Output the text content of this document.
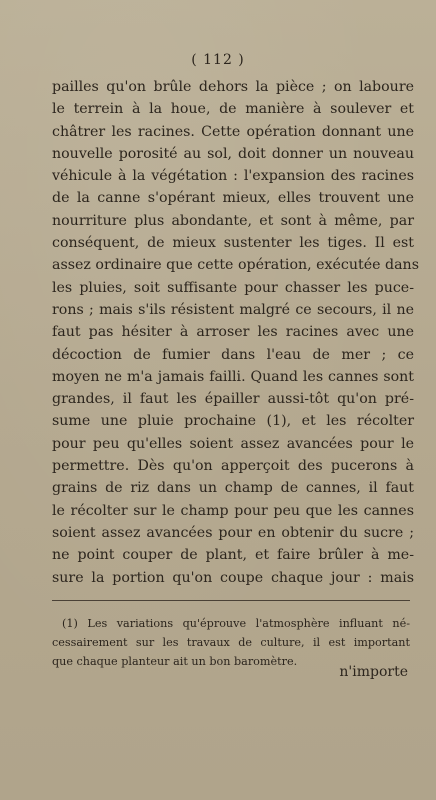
( 112 )
pailles qu'on brûle dehors la pièce ; on laboure
le terrein à la houe, de manière à soulever et
châtrer les racines. Cette opération donnant une
nouvelle porosité au sol, doit donner un nouveau
véhicule à la végétation : l'expansion des racines
de la canne s'opérant mieux, elles trouvent une
nourriture plus abondante, et sont à même, par
conséquent, de mieux sustenter les tiges. Il est
assez ordinaire que cette opération, exécutée dans
les pluies, soit suffisante pour chasser les puce-
rons ; mais s'ils résistent malgré ce secours, il ne
faut pas hésiter à arroser les racines avec une
décoction de fumier dans l'eau de mer ; ce
moyen ne m'a jamais failli. Quand les cannes sont
grandes, il faut les épailler aussi-tôt qu'on pré-
sume une pluie prochaine (1), et les récolter
pour peu qu'elles soient assez avancées pour le
permettre. Dès qu'on apperçoit des pucerons à
grains de riz dans un champ de cannes, il faut
le récolter sur le champ pour peu que les cannes
soient assez avancées pour en obtenir du sucre ;
ne point couper de plant, et faire brûler à me-
sure la portion qu'on coupe chaque jour : mais
(1) Les variations qu'éprouve l'atmosphère influant né-
cessairement sur les travaux de culture, il est important
que chaque planteur ait un bon baromètre.
n'importe
